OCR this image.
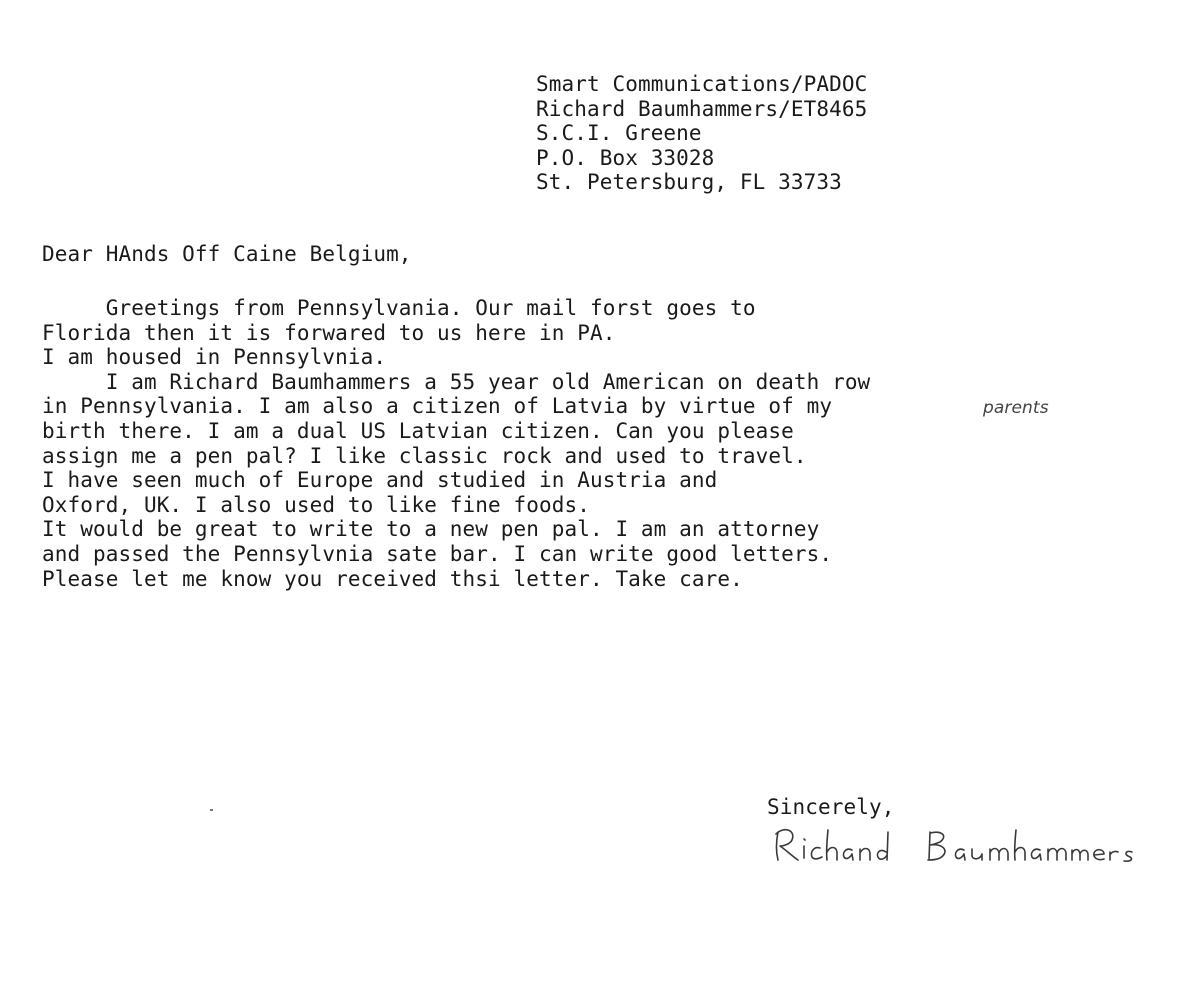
Smart Communications/PADOC
Richard Baumhammers/ET8465
S.C.I. Greene
P.O. Box 33028
St. Petersburg, FL 33733
Dear HAnds Off Caine Belgium,
Greetings from Pennsylvania. Our mail forst goes to
Florida then it is forwared to us here in PA.
I am housed in Pennsylvnia.
I am Richard Baumhammers a 55 year old American on death row
in Pennsylvania. I am also a citizen of Latvia by virtue of my
birth there. I am a dual US Latvian citizen. Can you please
assign me a pen pal? I like classic rock and used to travel.
I have seen much of Europe and studied in Austria and
Oxford, UK. I also used to like fine foods.
It would be great to write to a new pen pal. I am an attorney
and passed the Pennsylvnia sate bar. I can write good letters.
Please let me know you received thsi letter. Take care.
parents
Sincerely,
